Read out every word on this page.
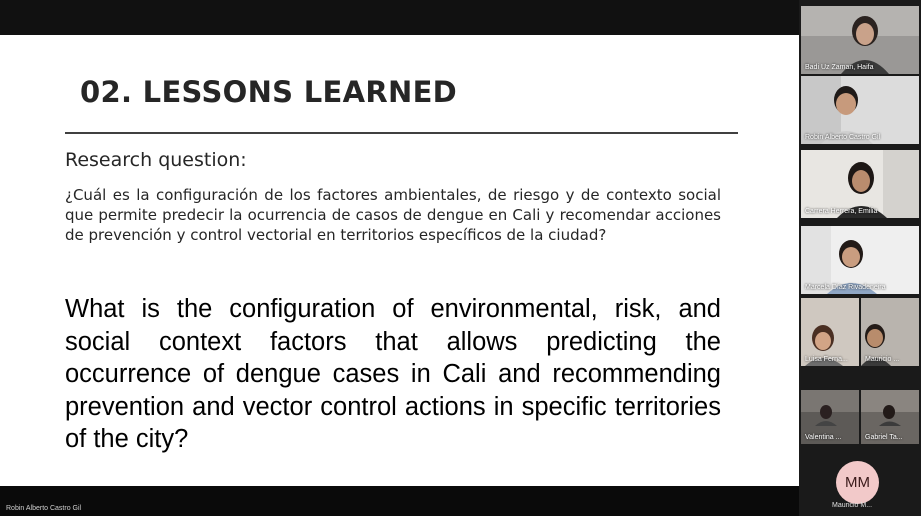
02. LESSONS LEARNED
Research question:
¿Cuál es la configuración de los factores ambientales, de riesgo y de contexto social que permite predecir la ocurrencia de casos de dengue en Cali y recomendar acciones de prevención y control vectorial en territorios específicos de la ciudad?
What is the configuration of environmental, risk, and social context factors that allows predicting the occurrence of dengue cases in Cali and recommending prevention and vector control actions in specific territories of the city?
Robin Alberto Castro Gil
Badi Uz Zaman, Haifa
Robin Alberto Castro Gil
Carrera Herrera, Emilia
Marcela Díaz Rivadeneira
Luisa Ferna... Mauricio ...
Valentina ...	Gabriel Ta...
MM
Mauricio M...
